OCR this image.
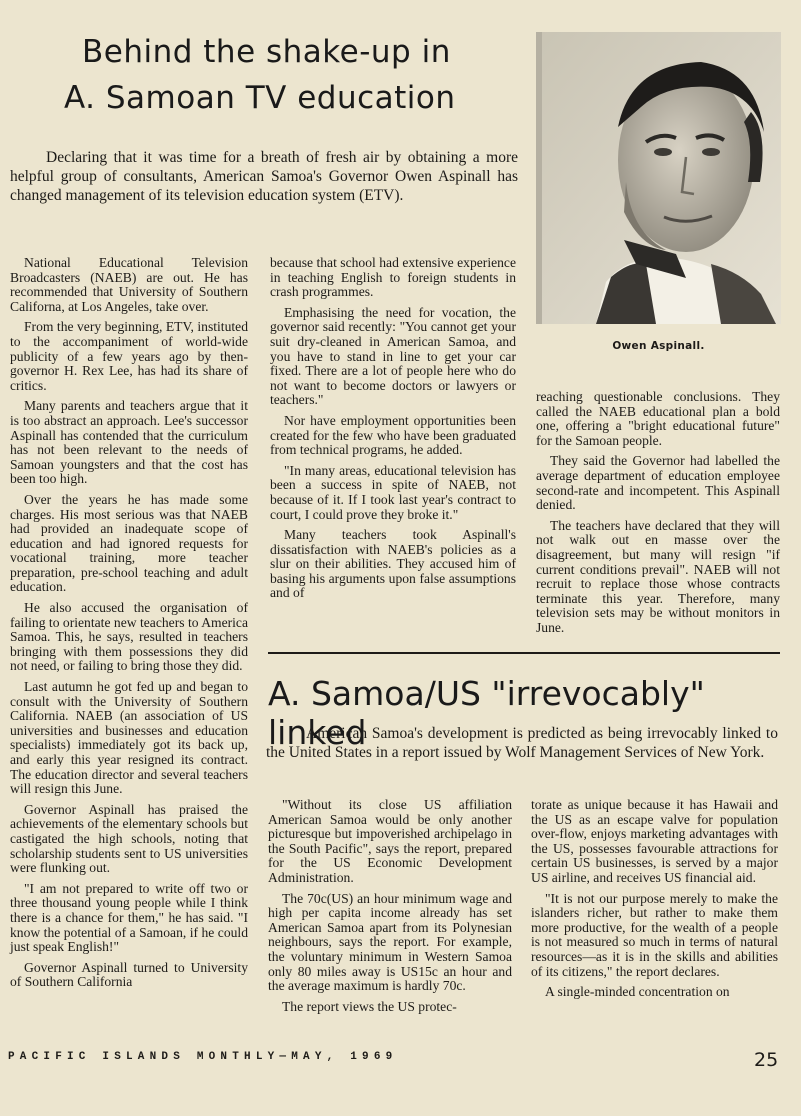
Behind the shake-up in
A. Samoan TV education

Declaring that it was time for a breath of fresh air by obtaining a more helpful group of consultants, American Samoa's Governor Owen Aspinall has changed management of its television education system (ETV).

National Educational Television Broadcasters (NAEB) are out. He has recommended that University of Southern Californa, at Los Angeles, take over.

From the very beginning, ETV, instituted to the accompaniment of world-wide publicity of a few years ago by then-governor H. Rex Lee, has had its share of critics.

Many parents and teachers argue that it is too abstract an approach. Lee's successor Aspinall has contended that the curriculum has not been relevant to the needs of Samoan youngsters and that the cost has been too high.

Over the years he has made some charges. His most serious was that NAEB had provided an inadequate scope of education and had ignored requests for vocational training, more teacher preparation, pre-school teaching and adult education.

He also accused the organisation of failing to orientate new teachers to America Samoa. This, he says, resulted in teachers bringing with them possessions they did not need, or failing to bring those they did.

Last autumn he got fed up and began to consult with the University of Southern California. NAEB (an association of US universities and businesses and education specialists) immediately got its back up, and early this year resigned its contract. The education director and several teachers will resign this June.

Governor Aspinall has praised the achievements of the elementary schools but castigated the high schools, noting that scholarship students sent to US universities were flunking out.

"I am not prepared to write off two or three thousand young people while I think there is a chance for them," he has said. "I know the potential of a Samoan, if he could just speak English!"

Governor Aspinall turned to University of Southern California

because that school had extensive experience in teaching English to foreign students in crash programmes.

Emphasising the need for vocation, the governor said recently: "You cannot get your suit dry-cleaned in American Samoa, and you have to stand in line to get your car fixed. There are a lot of people here who do not want to become doctors or lawyers or teachers."

Nor have employment opportunities been created for the few who have been graduated from technical programs, he added.

"In many areas, educational television has been a success in spite of NAEB, not because of it. If I took last year's contract to court, I could prove they broke it."

Many teachers took Aspinall's dissatisfaction with NAEB's policies as a slur on their abilities. They accused him of basing his arguments upon false assumptions and of

Owen Aspinall.

reaching questionable conclusions. They called the NAEB educational plan a bold one, offering a "bright educational future" for the Samoan people.

They said the Governor had labelled the average department of education employee second-rate and incompetent. This Aspinall denied.

The teachers have declared that they will not walk out en masse over the disagreement, but many will resign "if current conditions prevail". NAEB will not recruit to replace those whose contracts terminate this year. Therefore, many television sets may be without monitors in June.

A. Samoa/US "irrevocably" linked

American Samoa's development is predicted as being irrevocably linked to the United States in a report issued by Wolf Management Services of New York.

"Without its close US affiliation American Samoa would be only another picturesque but impoverished archipelago in the South Pacific", says the report, prepared for the US Economic Development Administration.

The 70c(US) an hour minimum wage and high per capita income already has set American Samoa apart from its Polynesian neighbours, says the report. For example, the voluntary minimum in Western Samoa only 80 miles away is US15c an hour and the average maximum is hardly 70c.

The report views the US protec-

torate as unique because it has Hawaii and the US as an escape valve for population over-flow, enjoys marketing advantages with the US, possesses favourable attractions for certain US businesses, is served by a major US airline, and receives US financial aid.

"It is not our purpose merely to make the islanders richer, but rather to make them more productive, for the wealth of a people is not measured so much in terms of natural resources—as it is in the skills and abilities of its citizens," the report declares.

A single-minded concentration on

PACIFIC ISLANDS MONTHLY—MAY, 1969	25
